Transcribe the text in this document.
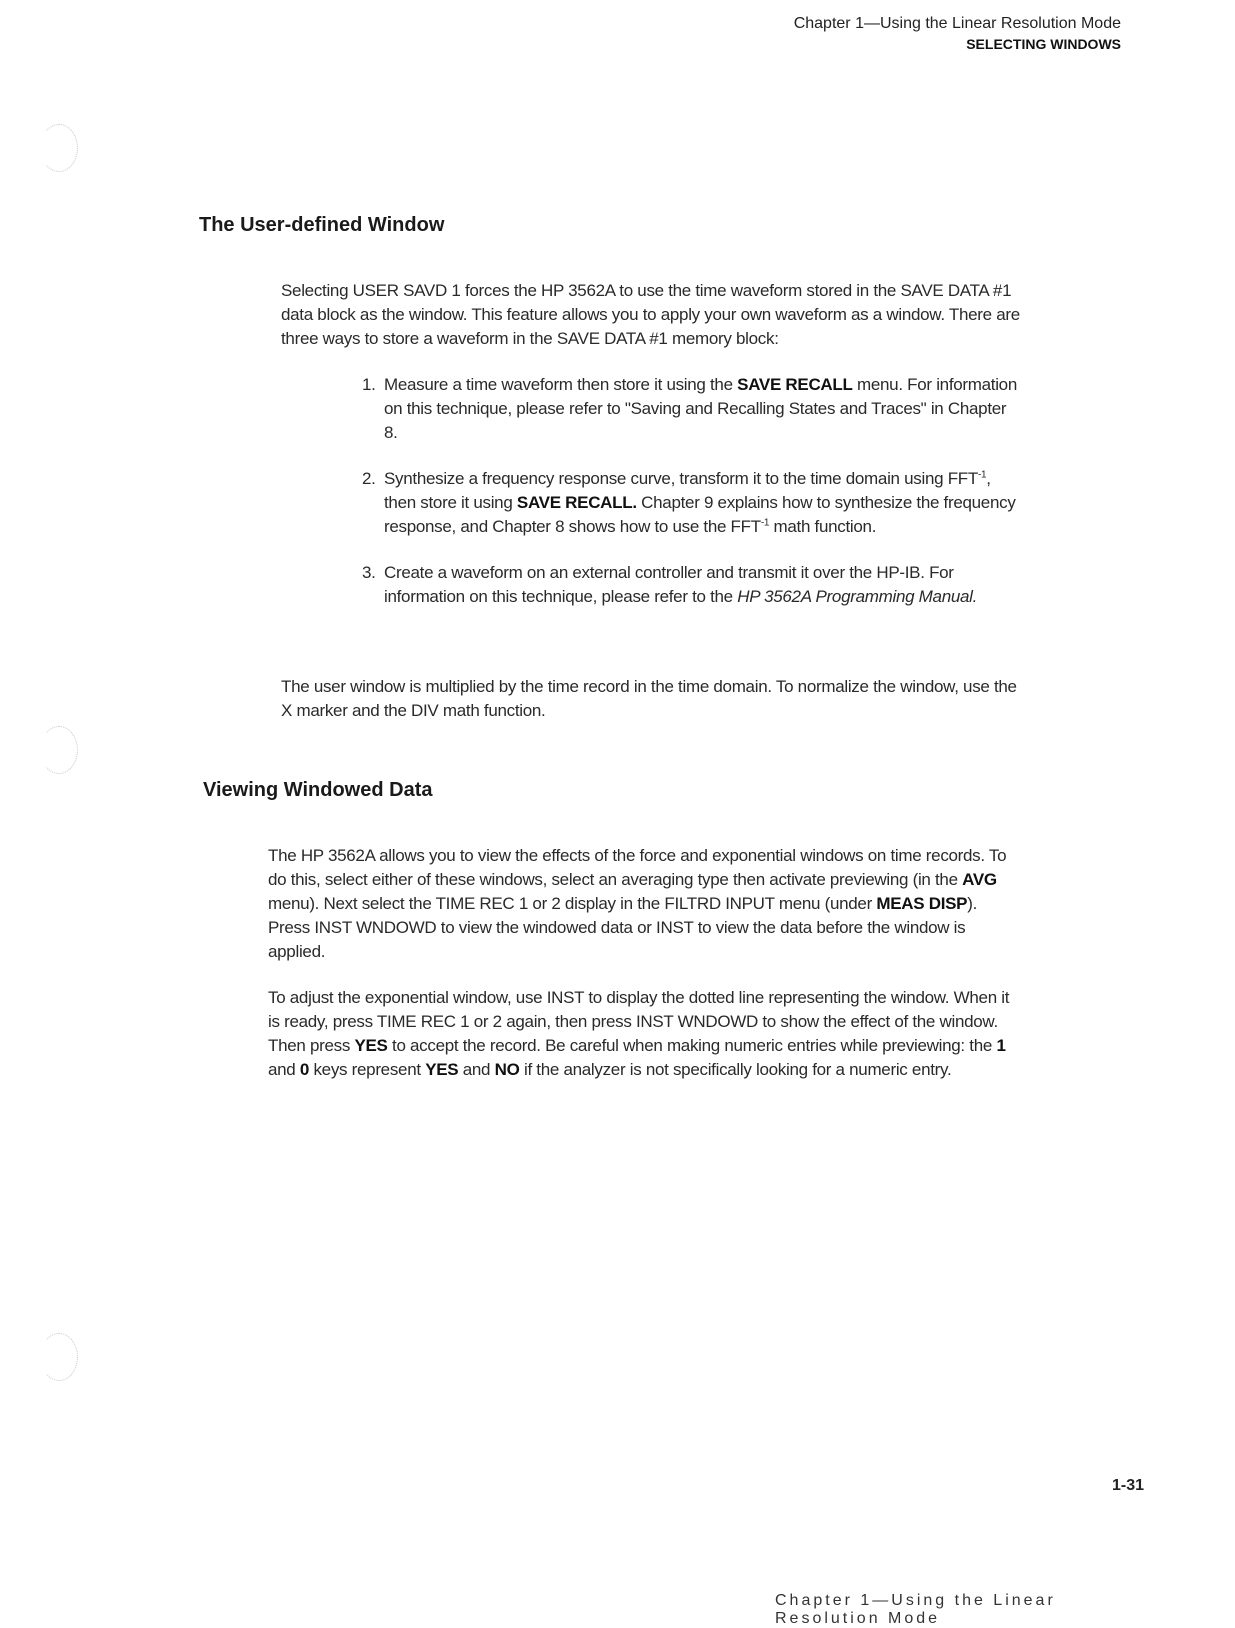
Chapter 1—Using the Linear Resolution Mode
SELECTING WINDOWS
The User-defined Window

Selecting USER SAVD 1 forces the HP 3562A to use the time waveform stored in the SAVE DATA #1 data block as the window. This feature allows you to apply your own waveform as a window. There are three ways to store a waveform in the SAVE DATA #1 memory block:

1. Measure a time waveform then store it using the SAVE RECALL menu. For information on this technique, please refer to "Saving and Recalling States and Traces" in Chapter 8.
2. Synthesize a frequency response curve, transform it to the time domain using $FFT^{-1}$, then store it using SAVE RECALL. Chapter 9 explains how to synthesize the frequency response, and Chapter 8 shows how to use the $FFT^{-1}$ math function.
3. Create a waveform on an external controller and transmit it over the HP-IB. For information on this technique, please refer to the HP 3562A Programming Manual.

The user window is multiplied by the time record in the time domain. To normalize the window, use the X marker and the DIV math function.

Viewing Windowed Data

The HP 3562A allows you to view the effects of the force and exponential windows on time records. To do this, select either of these windows, select an averaging type then activate previewing (in the AVG menu). Next select the TIME REC 1 or 2 display in the FILTRD INPUT menu (under MEAS DISP). Press INST WNDOWD to view the windowed data or INST to view the data before the window is applied.

To adjust the exponential window, use INST to display the dotted line representing the window. When it is ready, press TIME REC 1 or 2 again, then press INST WNDOWD to show the effect of the window. Then press YES to accept the record. Be careful when making numeric entries while previewing: the 1 and 0 keys represent YES and NO if the analyzer is not specifically looking for a numeric entry.

1-31
Chapter 1—Using the Linear Resolution Mode
